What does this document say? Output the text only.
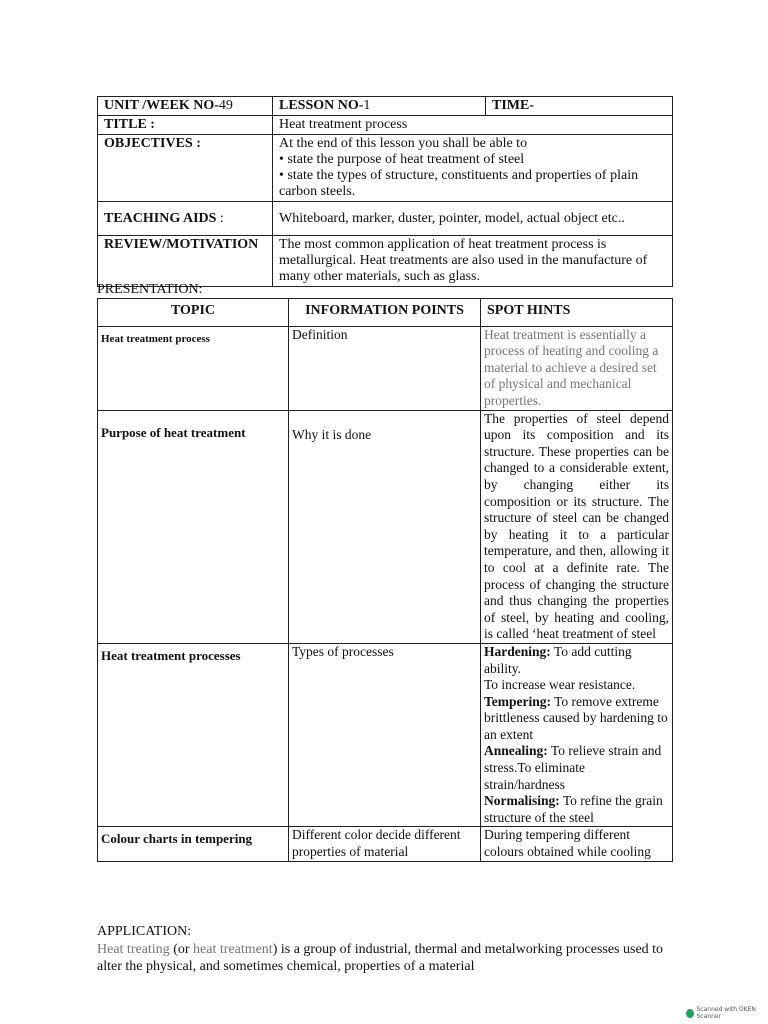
UNIT /WEEK NO-49	LESSON NO-1	TIME-
TITLE :	Heat treatment process	
OBJECTIVES :	At the end of this lesson you shall be able to
• state the purpose of heat treatment of steel
• state the types of structure, constituents and properties of plain carbon steels.	

TEACHING AIDS :	Whiteboard, marker, duster, pointer, model, actual object etc..	
REVIEW/MOTIVATION	The most common application of heat treatment process is metallurgical. Heat treatments are also used in the manufacture of many other materials, such as glass.	
PRESENTATION:
TOPIC	INFORMATION POINTS	SPOT HINTS
Heat treatment process	Definition	Heat treatment is essentially a process of heating and cooling a material to achieve a desired set of physical and mechanical properties.
Purpose of heat treatment	Why it is done	The properties of steel depend upon its composition and its structure. These properties can be changed to a considerable extent, by changing either its composition or its structure. The structure of steel can be changed by heating it to a particular temperature, and then, allowing it to cool at a definite rate. The process of changing the structure and thus changing the properties of steel, by heating and cooling, is called ‘heat treatment of steel
Heat treatment processes	Types of processes	Hardening: To add cutting ability.
To increase wear resistance.
Tempering: To remove extreme brittleness caused by hardening to an extent
Annealing: To relieve strain and stress.To eliminate strain/hardness
Normalising: To refine the grain structure of the steel

Colour charts in tempering	Different color decide different properties of material	During tempering different colours obtained while cooling
APPLICATION:
Heat treating (or heat treatment) is a group of industrial, thermal and metalworking processes used to alter the physical, and sometimes chemical, properties of a material
Scanned with OKEN Scanner
